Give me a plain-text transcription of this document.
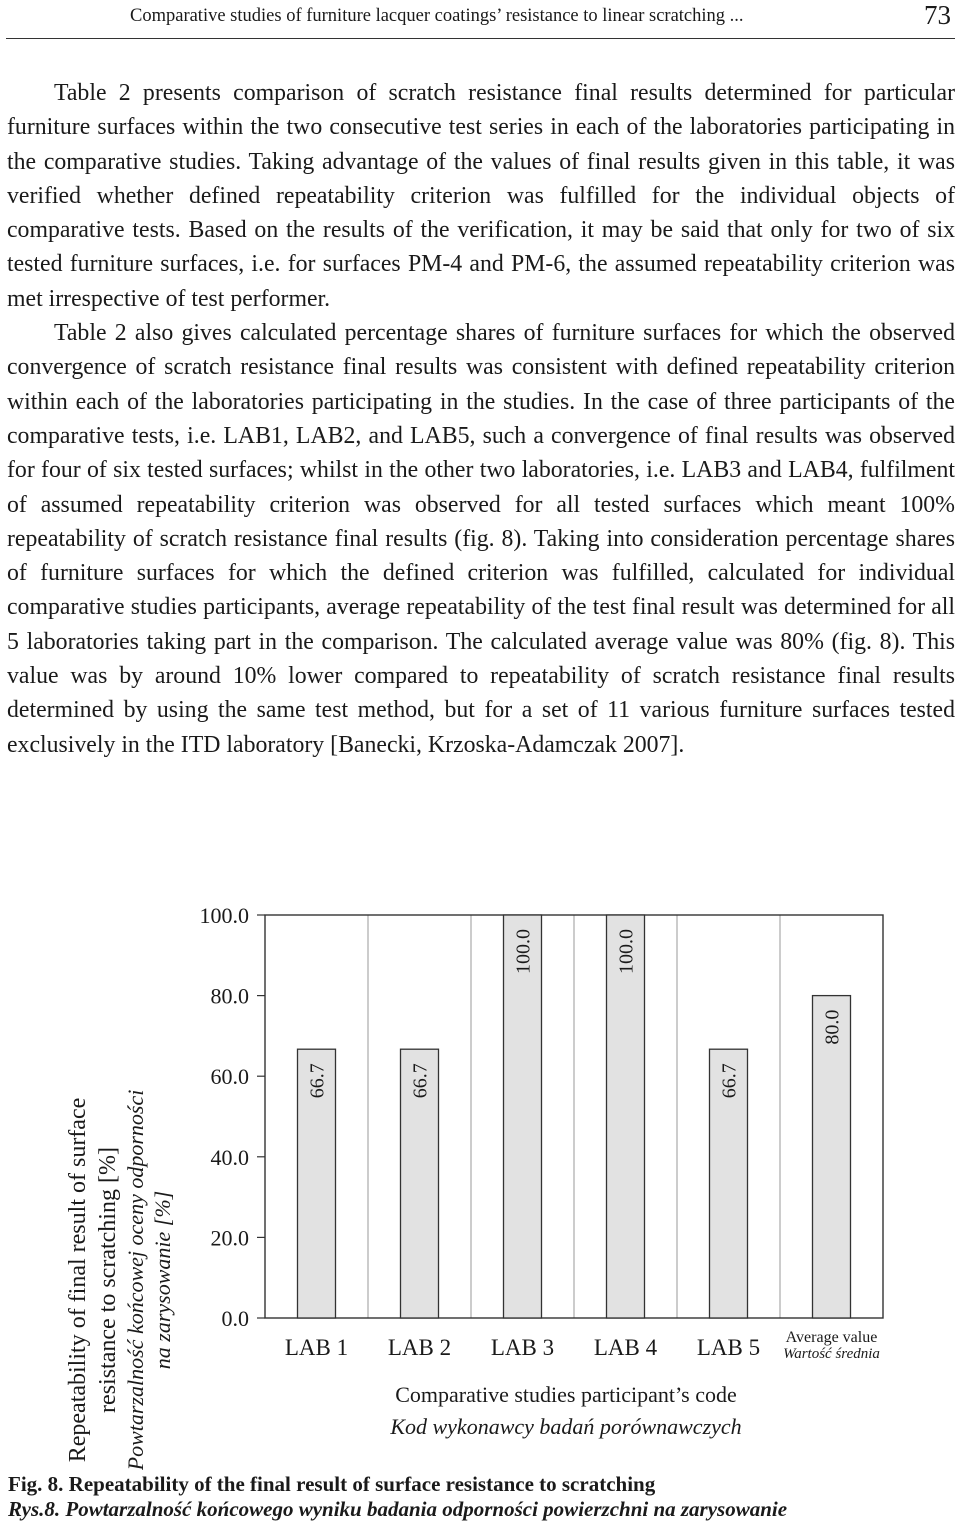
Comparative studies of furniture lacquer coatings’ resistance to linear scratching ...	73

Table 2 presents comparison of scratch resistance final results determined for particular furniture surfaces within the two consecutive test series in each of the laboratories participating in the comparative studies. Taking advantage of the values of final results given in this table, it was verified whether defined repeatability criterion was fulfilled for the individual objects of comparative tests. Based on the results of the verification, it may be said that only for two of six tested furniture surfaces, i.e. for surfaces PM-4 and PM-6, the assumed repeatability criterion was met irrespective of test performer.

Table 2 also gives calculated percentage shares of furniture surfaces for which the observed convergence of scratch resistance final results was consistent with defined repeatability criterion within each of the laboratories participating in the studies. In the case of three participants of the comparative tests, i.e. LAB1, LAB2, and LAB5, such a convergence of final results was observed for four of six tested surfaces; whilst in the other two laboratories, i.e. LAB3 and LAB4, fulfilment of assumed repeatability criterion was observed for all tested surfaces which meant 100% repeatability of scratch resistance final results (fig. 8). Taking into consideration percentage shares of furniture surfaces for which the defined criterion was fulfilled, calculated for individual comparative studies participants, average repeatability of the test final result was determined for all 5 laboratories taking part in the comparison. The calculated average value was 80% (fig. 8). This value was by around 10% lower compared to repeatability of scratch resistance final results determined by using the same test method, but for a set of 11 various furniture surfaces tested exclusively in the ITD laboratory [Banecki, Krzoska-Adamczak 2007].

Repeatability of final result of surface resistance to scratching [%] Powtarzalność końcowej oceny odporności na zarysowanie [%] 0.0
20.0
40.0
60.0
80.0
100.0
66.7
LAB 1
66.7
LAB 2
100.0
LAB 3
100.0
LAB 4
66.7
LAB 5
80.0
Average value
Wartość średnia
Comparative studies participant’s code
Kod wykonawcy badań porównawczych
Fig. 8. Repeatability of the final result of surface resistance to scratching
Rys.8. Powtarzalność końcowego wyniku badania odporności powierzchni na zarysowanie
